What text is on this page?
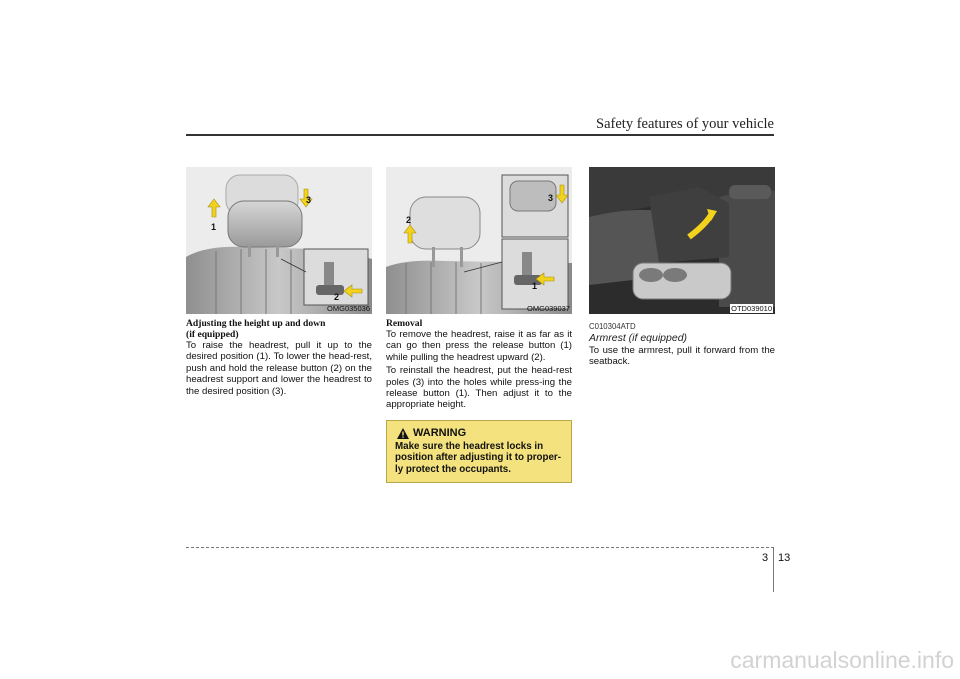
Safety features of your vehicle
1
3
2
OMG035036
2
3
1
OMG039037	OTD039010
Adjusting the height up and down
(if equipped)

To raise the headrest, pull it up to the desired position (1). To lower the head-rest, push and hold the release button (2) on the headrest support and lower the headrest to the desired position (3).

Removal

To remove the headrest, raise it as far as it can go then press the release button (1) while pulling the headrest upward (2).

To reinstall the headrest, put the head-rest poles (3) into the holes while press-ing the release button (1). Then adjust it to the appropriate height.

C010304ATD
Armrest (if equipped)

To use the armrest, pull it forward from the seatback.

WARNING
Make sure the headrest locks in position after adjusting it to proper-ly protect the occupants.
3 13
carmanualsonline.info
